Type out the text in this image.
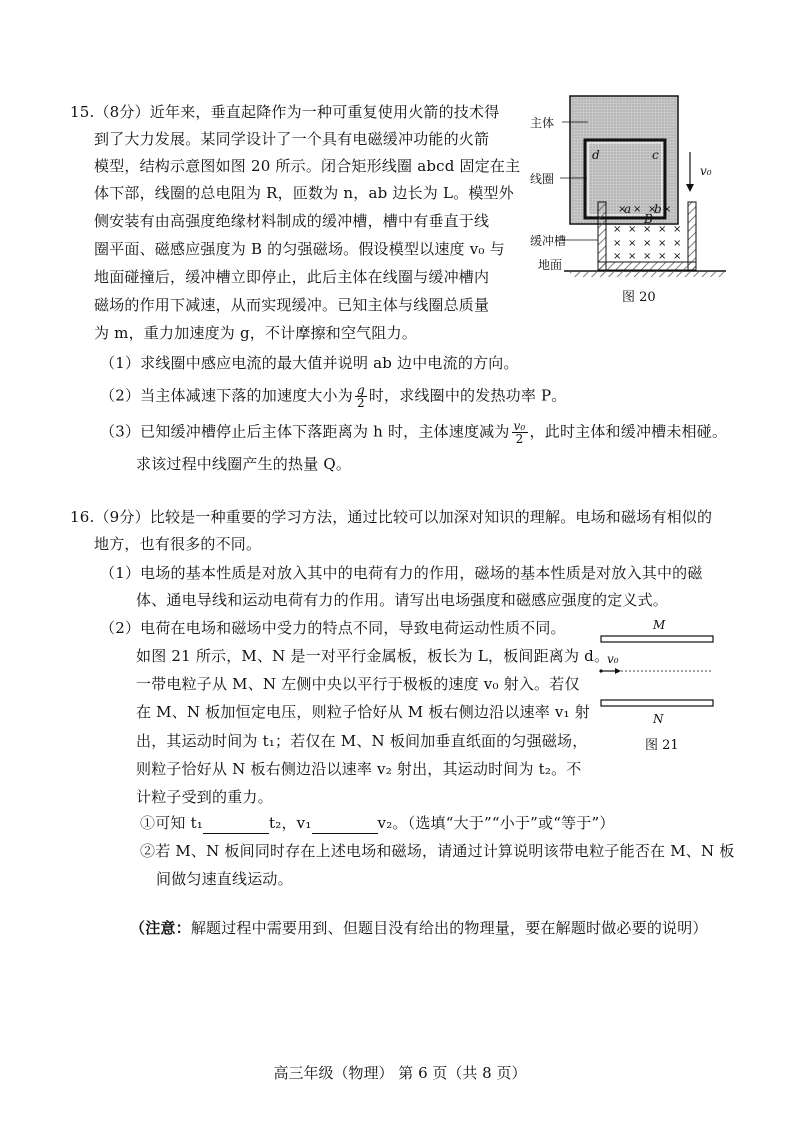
15.（8分）近年来，垂直起降作为一种可重复使用火箭的技术得
到了大力发展。某同学设计了一个具有电磁缓冲功能的火箭
模型，结构示意图如图 20 所示。闭合矩形线圈 abcd 固定在主
体下部，线圈的总电阻为 R，匝数为 n，ab 边长为 L。模型外
侧安装有由高强度绝缘材料制成的缓冲槽，槽中有垂直于线
圈平面、磁感应强度为 B 的匀强磁场。假设模型以速度 v₀ 与
地面碰撞后，缓冲槽立即停止，此后主体在线圈与缓冲槽内
磁场的作用下减速，从而实现缓冲。已知主体与线圈总质量
为 m，重力加速度为 g，不计摩擦和空气阻力。
（1）求线圈中感应电流的最大值并说明 ab 边中电流的方向。
（2）当主体减速下落的加速度大小为 $\frac{g}{2}$ 时，求线圈中的发热功率 P。
（3）已知缓冲槽停止后主体下落距离为 h 时，主体速度减为 $\frac{\text{v₀}}{2}$ ，此时主体和缓冲槽未相碰。
求该过程中线圈产生的热量 Q。
× × × ×
× × × × ×
× × × × ×
× × × × ×
主体
线圈
缓冲槽
地面
v₀
d	c
a b
B
图 20
16.（9分）比较是一种重要的学习方法，通过比较可以加深对知识的理解。电场和磁场有相似的
地方，也有很多的不同。
（1）电场的基本性质是对放入其中的电荷有力的作用，磁场的基本性质是对放入其中的磁
体、通电导线和运动电荷有力的作用。请写出电场强度和磁感应强度的定义式。
（2）电荷在电场和磁场中受力的特点不同，导致电荷运动性质不同。
如图 21 所示，M、N 是一对平行金属板，板长为 L，板间距离为 d。
一带电粒子从 M、N 左侧中央以平行于极板的速度 v₀ 射入。若仅
在 M、N 板加恒定电压，则粒子恰好从 M 板右侧边沿以速率 v₁ 射
出，其运动时间为 t₁；若仅在 M、N 板间加垂直纸面的匀强磁场，
则粒子恰好从 N 板右侧边沿以速率 v₂ 射出，其运动时间为 t₂。不
计粒子受到的重力。
①可知 t₁	t₂，v₁	v₂。（选填“大于”“小于”或“等于”）
②若 M、N 板间同时存在上述电场和磁场，请通过计算说明该带电粒子能否在 M、N 板
间做匀速直线运动。
M
N
v₀
图 21
（注意：解题过程中需要用到、但题目没有给出的物理量，要在解题时做必要的说明）
高三年级（物理） 第 6 页（共 8 页）
